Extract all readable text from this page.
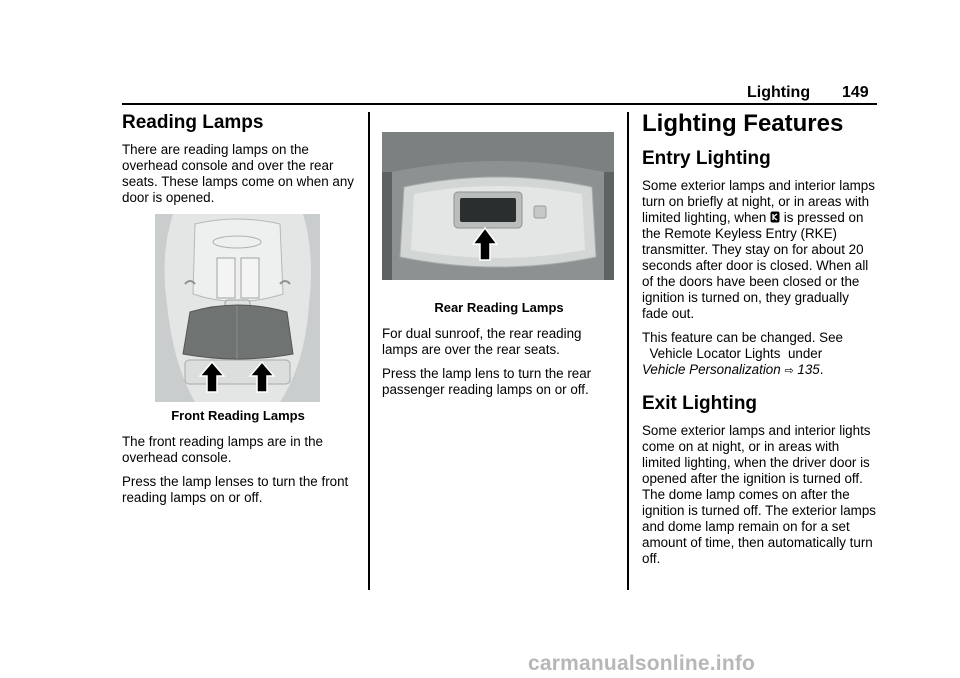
Lighting 149
Reading Lamps

There are reading lamps on the overhead console and over the rear seats. These lamps come on when any door is opened.

Front Reading Lamps

The front reading lamps are in the overhead console.

Press the lamp lenses to turn the front reading lamps on or off.

Rear Reading Lamps

For dual sunroof, the rear reading lamps are over the rear seats.

Press the lamp lens to turn the rear passenger reading lamps on or off.

Lighting Features
Entry Lighting

Some exterior lamps and interior lamps turn on briefly at night, or in areas with limited lighting, when is pressed on the Remote Keyless Entry (RKE) transmitter. They stay on for about 20 seconds after door is closed. When all of the doors have been closed or the ignition is turned on, they gradually fade out.

This feature can be changed. See
Vehicle Locator Lights under
Vehicle Personalization ⇨ 135.

Exit Lighting

Some exterior lamps and interior lights come on at night, or in areas with limited lighting, when the driver door is opened after the ignition is turned off. The dome lamp comes on after the ignition is turned off. The exterior lamps and dome lamp remain on for a set amount of time, then automatically turn off.

carmanualsonline.info
